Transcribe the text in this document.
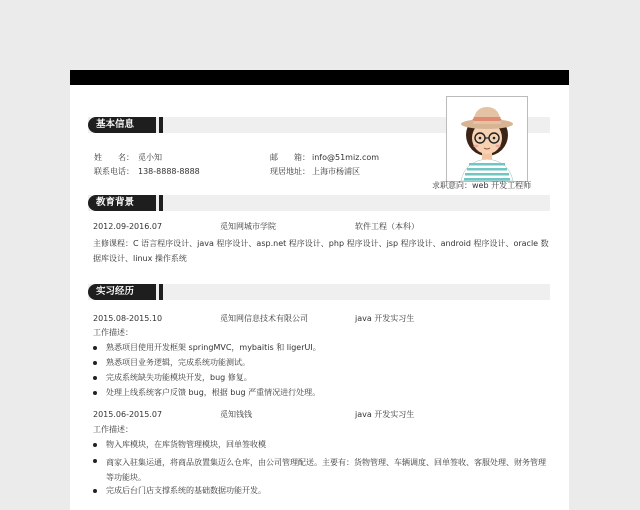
基本信息
姓　　名： 觅小知
联系电话： 138-8888-8888
邮　　箱： info@51miz.com
现居地址： 上海市杨浦区
求职意向：web 开发工程师
教育背景
2012.09-2016.07	觅知网城市学院	软件工程（本科）
主修课程：C 语言程序设计、java 程序设计、asp.net 程序设计、php 程序设计、jsp 程序设计、android 程序设计、oracle 数据库设计、linux 操作系统
实习经历
2015.08-2015.10	觅知网信息技术有限公司	java 开发实习生
工作描述：
熟悉项目使用开发框架 springMVC，mybaitis 和 ligerUI。
熟悉项目业务逻辑，完成系统功能测试。
完成系统缺失功能模块开发，bug 修复。
处理上线系统客户反馈 bug，根据 bug 严重情况进行处理。
2015.06-2015.07	觅知钱钱	java 开发实习生
工作描述：
物入库模块，在库货物管理模块，回单签收模
商家入驻集运通，将商品放置集迈么仓库，由公司管理配送。主要有：货物管理、车辆调度、回单签收、客服处理、财务管理等功能块。
完成后台门店支撑系统的基础数据功能开发。
